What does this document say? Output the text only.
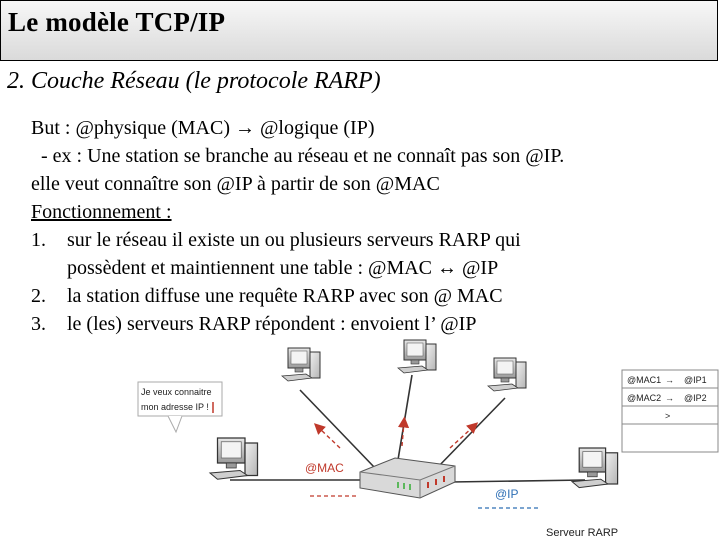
Le modèle TCP/IP
2. Couche Réseau (le protocole RARP)
But : @physique (MAC) → @logique (IP)
- ex : Une station se branche au réseau et ne connaît pas son @IP.
elle veut connaître son @IP à partir de son @MAC
Fonctionnement :
1. sur le réseau il existe un ou plusieurs serveurs RARP qui
possèdent et maintiennent une table : @MAC ↔ @IP
2. la station diffuse une requête RARP avec son @ MAC
3. le (les) serveurs RARP répondent : envoient l’ @IP
Je veux connaitre
mon adresse IP !
@MAC
@IP
@MAC1 → @IP1
@MAC2 → @IP2
>
Serveur RARP
